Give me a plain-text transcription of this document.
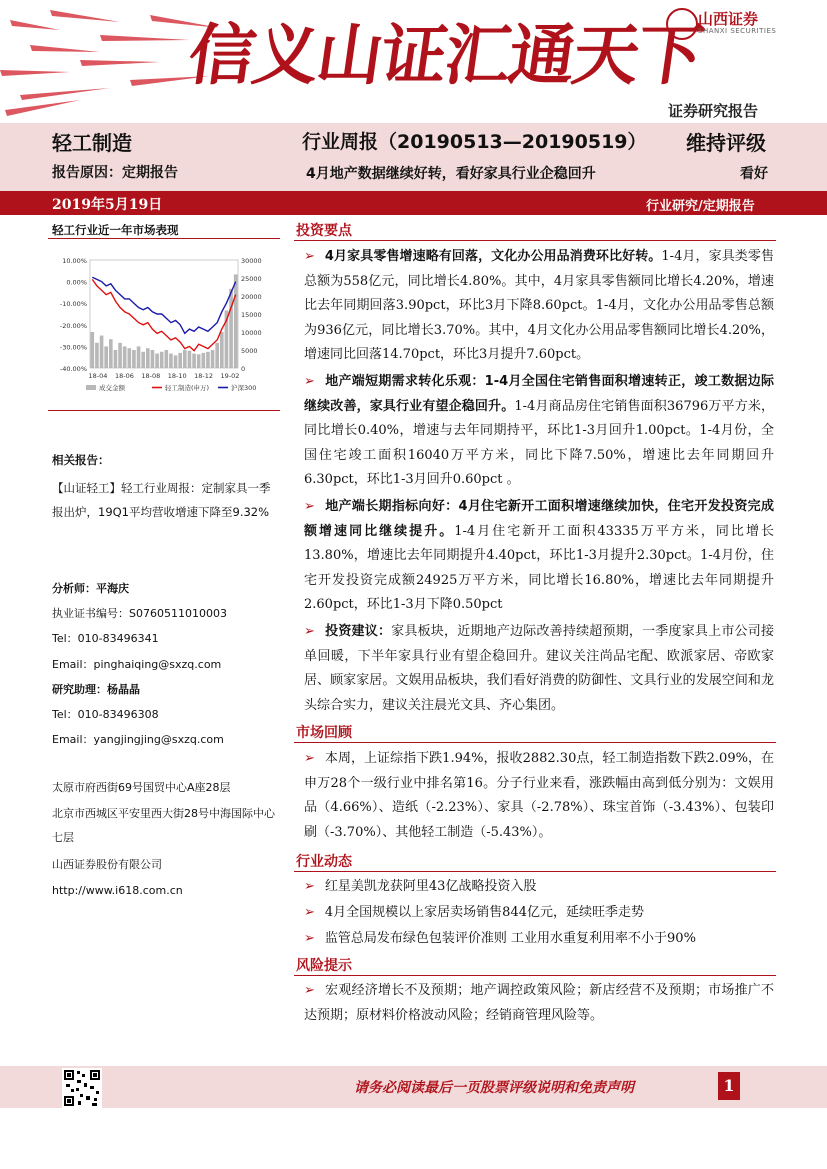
信义山证汇通天下
山西证券
SHANXI SECURITIES
证券研究报告
轻工制造
报告原因：定期报告
行业周报（20190513—20190519）
4月地产数据继续好转，看好家具行业企稳回升
维持评级
看好
2019年5月19日	行业研究/定期报告
轻工行业近一年市场表现
10.00%
0.00%
-10.00%
-20.00%
-30.00%
-40.00%
30000
25000
20000
15000
10000
5000
0
18-04 18-06 18-08 18-10 18-12 19-02
成交金额	轻工制造(申万)	沪深300
相关报告：
【山证轻工】轻工行业周报：定制家具一季报出炉，19Q1平均营收增速下降至9.32%
分析师：平海庆
执业证书编号：S0760511010003
Tel：010-83496341
Email：pinghaiqing@sxzq.com
研究助理：杨晶晶
Tel：010-83496308
Email：yangjingjing@sxzq.com
太原市府西街69号国贸中心A座28层
北京市西城区平安里西大街28号中海国际中心七层
山西证券股份有限公司
http://www.i618.com.cn
投资要点
➢ 4月家具零售增速略有回落，文化办公用品消费环比好转。1-4月，家具类零售总额为558亿元，同比增长4.80%。其中，4月家具零售额同比增长4.20%，增速比去年同期回落3.90pct，环比3月下降8.60pct。1-4月，文化办公用品零售总额为936亿元，同比增长3.70%。其中，4月文化办公用品零售额同比增长4.20%，增速同比回落14.70pct，环比3月提升7.60pct。
➢ 地产端短期需求转化乐观：1-4月全国住宅销售面积增速转正，竣工数据边际继续改善，家具行业有望企稳回升。1-4月商品房住宅销售面积36796万平方米，同比增长0.40%，增速与去年同期持平，环比1-3月回升1.00pct。1-4月份，全国住宅竣工面积16040万平方米，同比下降7.50%，增速比去年同期回升6.30pct，环比1-3月回升0.60pct 。
➢ 地产端长期指标向好：4月住宅新开工面积增速继续加快，住宅开发投资完成额增速同比继续提升。1-4月住宅新开工面积43335万平方米，同比增长13.80%，增速比去年同期提升4.40pct，环比1-3月提升2.30pct。1-4月份，住宅开发投资完成额24925万平方米，同比增长16.80%，增速比去年同期提升2.60pct，环比1-3月下降0.50pct
➢ 投资建议：家具板块，近期地产边际改善持续超预期，一季度家具上市公司接单回暖，下半年家具行业有望企稳回升。建议关注尚品宅配、欧派家居、帝欧家居、顾家家居。文娱用品板块，我们看好消费的防御性、文具行业的发展空间和龙头综合实力，建议关注晨光文具、齐心集团。
市场回顾
➢ 本周，上证综指下跌1.94%，报收2882.30点，轻工制造指数下跌2.09%，在申万28个一级行业中排名第16。分子行业来看，涨跌幅由高到低分别为：文娱用品（4.66%）、造纸（-2.23%）、家具（-2.78%）、珠宝首饰（-3.43%）、包装印刷（-3.70%）、其他轻工制造（-5.43%）。
行业动态
➢ 红星美凯龙获阿里43亿战略投资入股
➢ 4月全国规模以上家居卖场销售844亿元，延续旺季走势
➢ 监管总局发布绿色包装评价准则 工业用水重复利用率不小于90%
风险提示
➢ 宏观经济增长不及预期；地产调控政策风险；新店经营不及预期；市场推广不达预期；原材料价格波动风险；经销商管理风险等。
请务必阅读最后一页股票评级说明和免责声明	1
